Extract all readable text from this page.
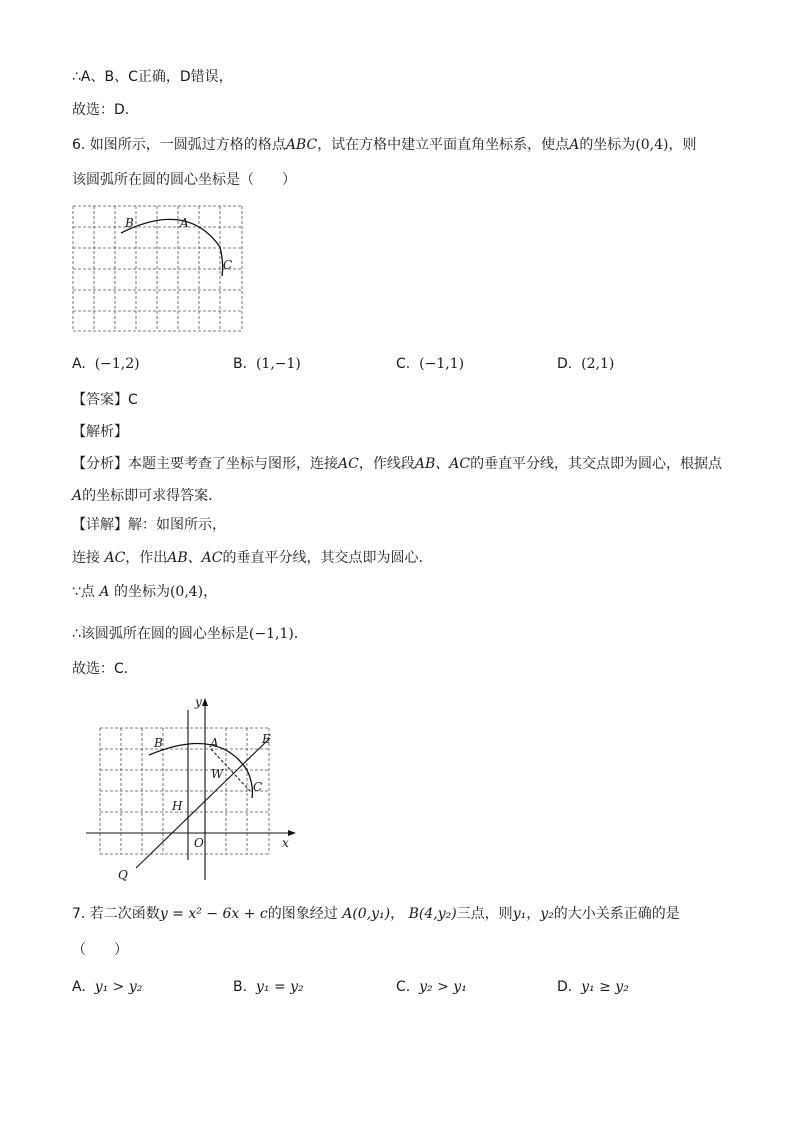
∴A、B、C正确，D错误，
故选：D．
6. 如图所示，一圆弧过方格的格点ABC，试在方格中建立平面直角坐标系，使点A的坐标为(0,4)，则
该圆弧所在圆的圆心坐标是（　　）
B	A
C
A. (−1,2)	B. (1,−1)	C. (−1,1)	D. (2,1)
【答案】C
【解析】
【分析】本题主要考查了坐标与图形，连接AC，作线段AB、AC的垂直平分线，其交点即为圆心，根据点
A的坐标即可求得答案．
【详解】解：如图所示，
连接 AC，作出AB、AC的垂直平分线，其交点即为圆心．
∵点 A 的坐标为(0,4)，
∴该圆弧所在圆的圆心坐标是(−1,1)．
故选：C．
y
x
B	A	E
W
C
H
O
Q
7. 若二次函数y = x² − 6x + c的图象经过 A(0,y₁)， B(4,y₂)三点，则y₁，y₂的大小关系正确的是
（　　）
A. y₁ > y₂	B. y₁ = y₂	C. y₂ > y₁	D. y₁ ≥ y₂
